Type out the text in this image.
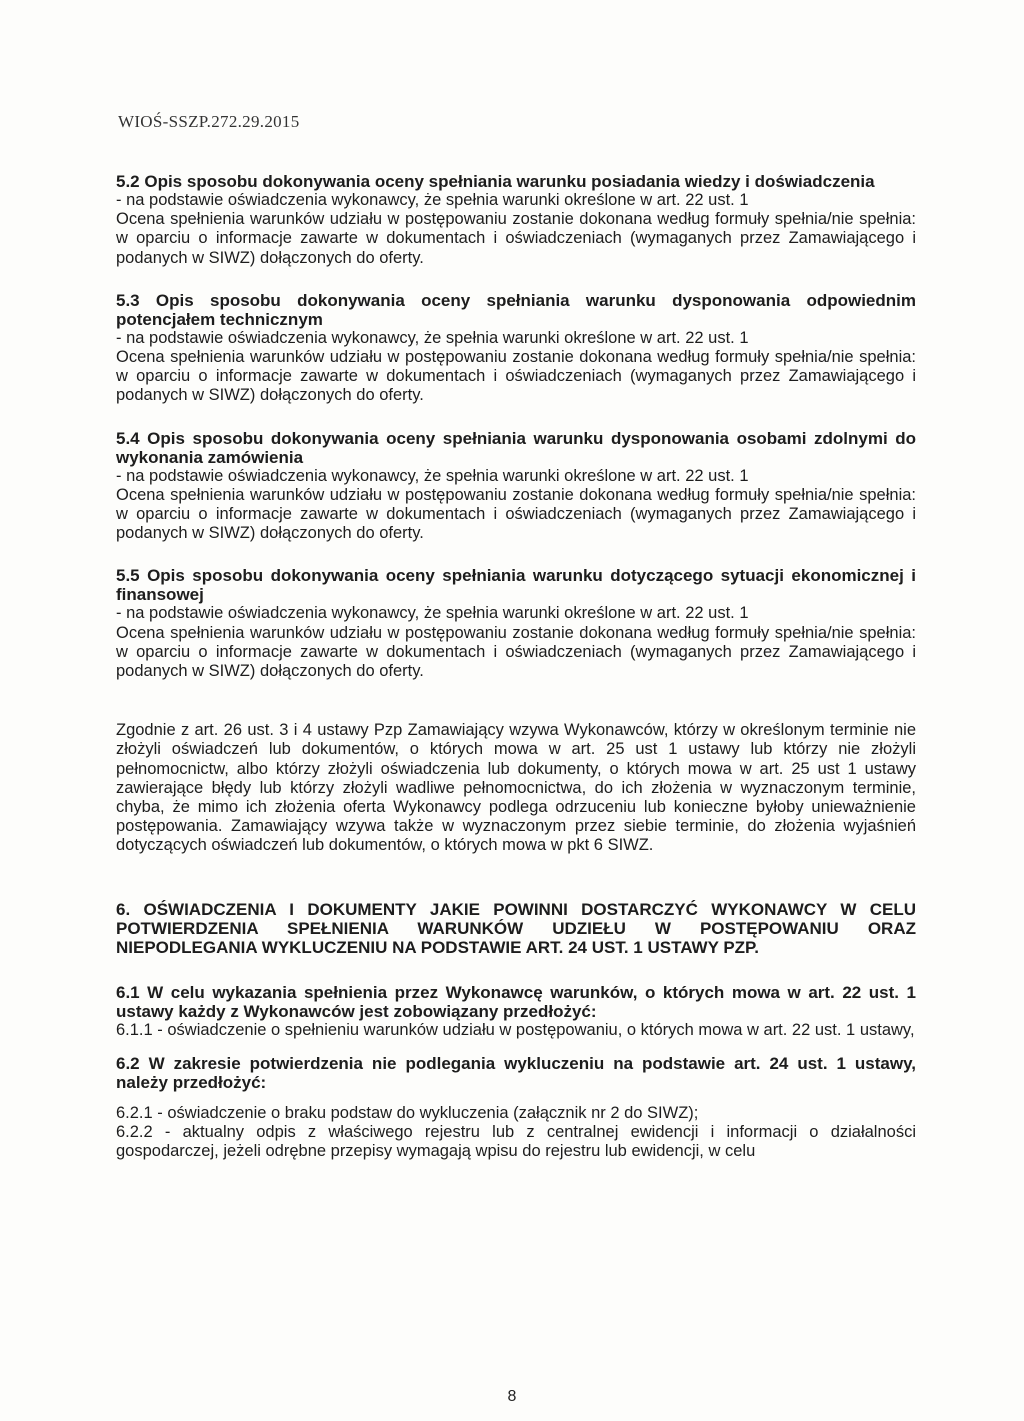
WIOŚ-SSZP.272.29.2015

5.2 Opis sposobu dokonywania oceny spełniania warunku posiadania wiedzy i doświadczenia

- na podstawie oświadczenia wykonawcy, że spełnia warunki określone w art. 22 ust. 1

Ocena spełnienia warunków udziału w postępowaniu zostanie dokonana według formuły spełnia/nie spełnia: w oparciu o informacje zawarte w dokumentach i oświadczeniach (wymaganych przez Zamawiającego i podanych w SIWZ) dołączonych do oferty.

5.3 Opis sposobu dokonywania oceny spełniania warunku dysponowania odpowiednim potencjałem technicznym

- na podstawie oświadczenia wykonawcy, że spełnia warunki określone w art. 22 ust. 1

Ocena spełnienia warunków udziału w postępowaniu zostanie dokonana według formuły spełnia/nie spełnia: w oparciu o informacje zawarte w dokumentach i oświadczeniach (wymaganych przez Zamawiającego i podanych w SIWZ) dołączonych do oferty.

5.4 Opis sposobu dokonywania oceny spełniania warunku dysponowania osobami zdolnymi do wykonania zamówienia

- na podstawie oświadczenia wykonawcy, że spełnia warunki określone w art. 22 ust. 1

Ocena spełnienia warunków udziału w postępowaniu zostanie dokonana według formuły spełnia/nie spełnia: w oparciu o informacje zawarte w dokumentach i oświadczeniach (wymaganych przez Zamawiającego i podanych w SIWZ) dołączonych do oferty.

5.5 Opis sposobu dokonywania oceny spełniania warunku dotyczącego sytuacji ekonomicznej i finansowej

- na podstawie oświadczenia wykonawcy, że spełnia warunki określone w art. 22 ust. 1

Ocena spełnienia warunków udziału w postępowaniu zostanie dokonana według formuły spełnia/nie spełnia: w oparciu o informacje zawarte w dokumentach i oświadczeniach (wymaganych przez Zamawiającego i podanych w SIWZ) dołączonych do oferty.

Zgodnie z art. 26 ust. 3 i 4 ustawy Pzp Zamawiający wzywa Wykonawców, którzy w określonym terminie nie złożyli oświadczeń lub dokumentów, o których mowa w art. 25 ust 1 ustawy lub którzy nie złożyli pełnomocnictw, albo którzy złożyli oświadczenia lub dokumenty, o których mowa w art. 25 ust 1 ustawy zawierające błędy lub którzy złożyli wadliwe pełnomocnictwa, do ich złożenia w wyznaczonym terminie, chyba, że mimo ich złożenia oferta Wykonawcy podlega odrzuceniu lub konieczne byłoby unieważnienie postępowania. Zamawiający wzywa także w wyznaczonym przez siebie terminie, do złożenia wyjaśnień dotyczących oświadczeń lub dokumentów, o których mowa w pkt 6 SIWZ.

6. OŚWIADCZENIA I DOKUMENTY JAKIE POWINNI DOSTARCZYĆ WYKONAWCY W CELU POTWIERDZENIA SPEŁNIENIA WARUNKÓW UDZIEŁU W POSTĘPOWANIU ORAZ NIEPODLEGANIA WYKLUCZENIU NA PODSTAWIE ART. 24 UST. 1 USTAWY PZP.

6.1 W celu wykazania spełnienia przez Wykonawcę warunków, o których mowa w art. 22 ust. 1 ustawy każdy z Wykonawców jest zobowiązany przedłożyć:

6.1.1 - oświadczenie o spełnieniu warunków udziału w postępowaniu, o których mowa w art. 22 ust. 1 ustawy,

6.2 W zakresie potwierdzenia nie podlegania wykluczeniu na podstawie art. 24 ust. 1 ustawy, należy przedłożyć:

6.2.1 - oświadczenie o braku podstaw do wykluczenia (załącznik nr 2 do SIWZ);

6.2.2 - aktualny odpis z właściwego rejestru lub z centralnej ewidencji i informacji o działalności gospodarczej, jeżeli odrębne przepisy wymagają wpisu do rejestru lub ewidencji, w celu

8
